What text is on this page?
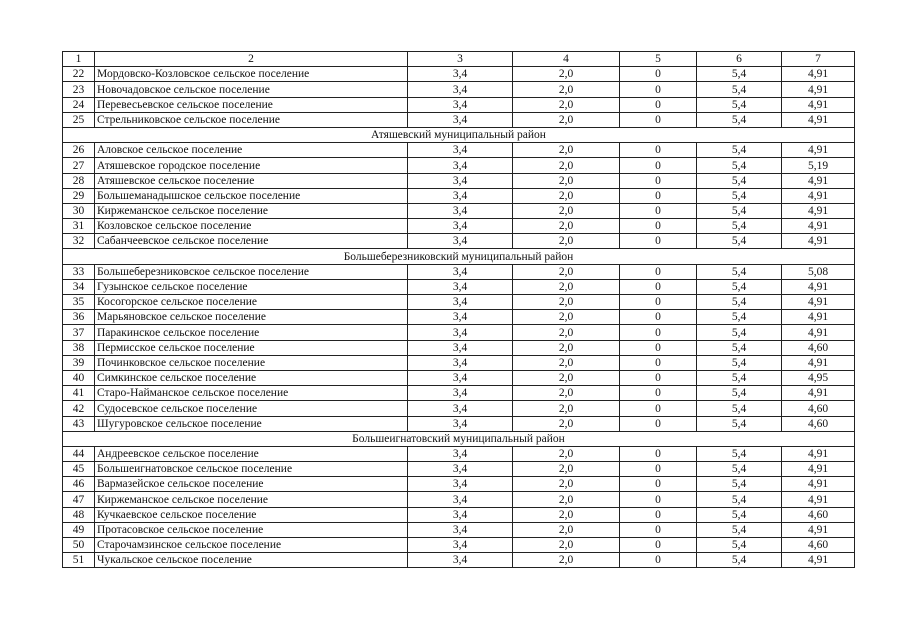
1	2	3	4	5	6	7
22	Мордовско-Козловское сельское поселение	3,4	2,0	0	5,4	4,91
23	Новочадовское сельское поселение	3,4	2,0	0	5,4	4,91
24	Перевесьевское сельское поселение	3,4	2,0	0	5,4	4,91
25	Стрельниковское сельское поселение	3,4	2,0	0	5,4	4,91
Атяшевский муниципальный район						
26	Аловское сельское поселение	3,4	2,0	0	5,4	4,91
27	Атяшевское городское поселение	3,4	2,0	0	5,4	5,19
28	Атяшевское сельское поселение	3,4	2,0	0	5,4	4,91
29	Большеманадышское сельское поселение	3,4	2,0	0	5,4	4,91
30	Киржеманское сельское поселение	3,4	2,0	0	5,4	4,91
31	Козловское сельское поселение	3,4	2,0	0	5,4	4,91
32	Сабанчеевское сельское поселение	3,4	2,0	0	5,4	4,91
Большеберезниковский муниципальный район						
33	Большеберезниковское сельское поселение	3,4	2,0	0	5,4	5,08
34	Гузынское сельское поселение	3,4	2,0	0	5,4	4,91
35	Косогорское сельское поселение	3,4	2,0	0	5,4	4,91
36	Марьяновское сельское поселение	3,4	2,0	0	5,4	4,91
37	Паракинское сельское поселение	3,4	2,0	0	5,4	4,91
38	Пермисское сельское поселение	3,4	2,0	0	5,4	4,60
39	Починковское сельское поселение	3,4	2,0	0	5,4	4,91
40	Симкинское сельское поселение	3,4	2,0	0	5,4	4,95
41	Старо-Найманское сельское поселение	3,4	2,0	0	5,4	4,91
42	Судосевское сельское поселение	3,4	2,0	0	5,4	4,60
43	Шугуровское сельское поселение	3,4	2,0	0	5,4	4,60
Большеигнатовский муниципальный район						
44	Андреевское сельское поселение	3,4	2,0	0	5,4	4,91
45	Большеигнатовское сельское поселение	3,4	2,0	0	5,4	4,91
46	Вармазейское сельское поселение	3,4	2,0	0	5,4	4,91
47	Киржеманское сельское поселение	3,4	2,0	0	5,4	4,91
48	Кучкаевское сельское поселение	3,4	2,0	0	5,4	4,60
49	Протасовское сельское поселение	3,4	2,0	0	5,4	4,91
50	Старочамзинское сельское поселение	3,4	2,0	0	5,4	4,60
51	Чукальское сельское поселение	3,4	2,0	0	5,4	4,91
